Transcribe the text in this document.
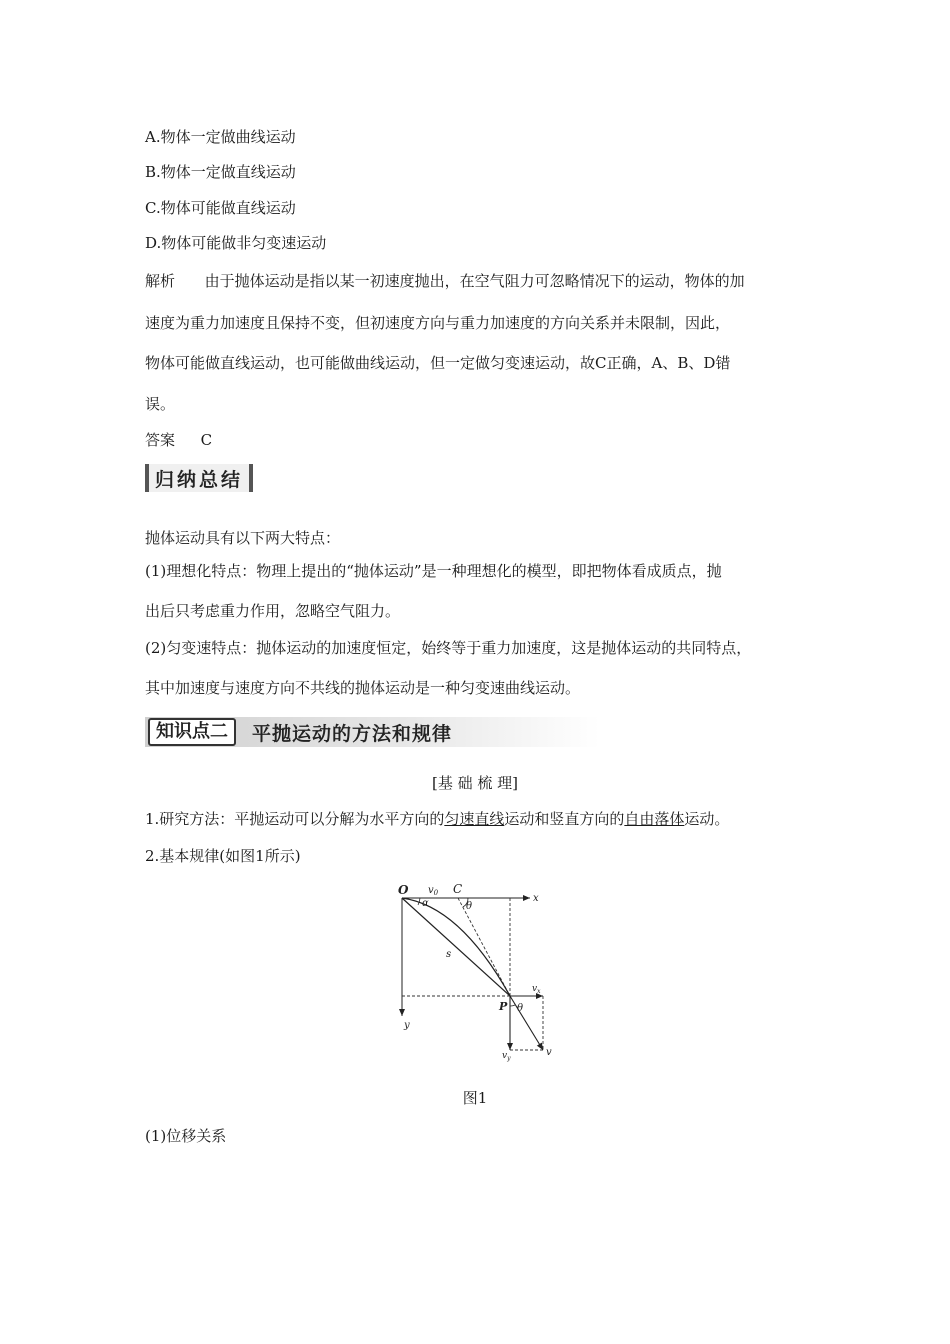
A.物体一定做曲线运动
B.物体一定做直线运动
C.物体可能做直线运动
D.物体可能做非匀变速运动
解析 由于抛体运动是指以某一初速度抛出，在空气阻力可忽略情况下的运动，物体的加
速度为重力加速度且保持不变，但初速度方向与重力加速度的方向关系并未限制，因此，
物体可能做直线运动，也可能做曲线运动，但一定做匀变速运动，故C正确，A、B、D错
误。
答案 C
归纳总结
抛体运动具有以下两大特点：
(1)理想化特点：物理上提出的“抛体运动”是一种理想化的模型，即把物体看成质点，抛
出后只考虑重力作用，忽略空气阻力。
(2)匀变速特点：抛体运动的加速度恒定，始终等于重力加速度，这是抛体运动的共同特点，
其中加速度与速度方向不共线的抛体运动是一种匀变速曲线运动。
知识点二	平抛运动的方法和规律
[基 础 梳 理]
1.研究方法：平抛运动可以分解为水平方向的匀速直线运动和竖直方向的自由落体运动。
2.基本规律(如图1所示)
O $v_0$ C
x
α	θ
s
P θ
$v_x$
y
$v_y$
v
图1
(1)位移关系
